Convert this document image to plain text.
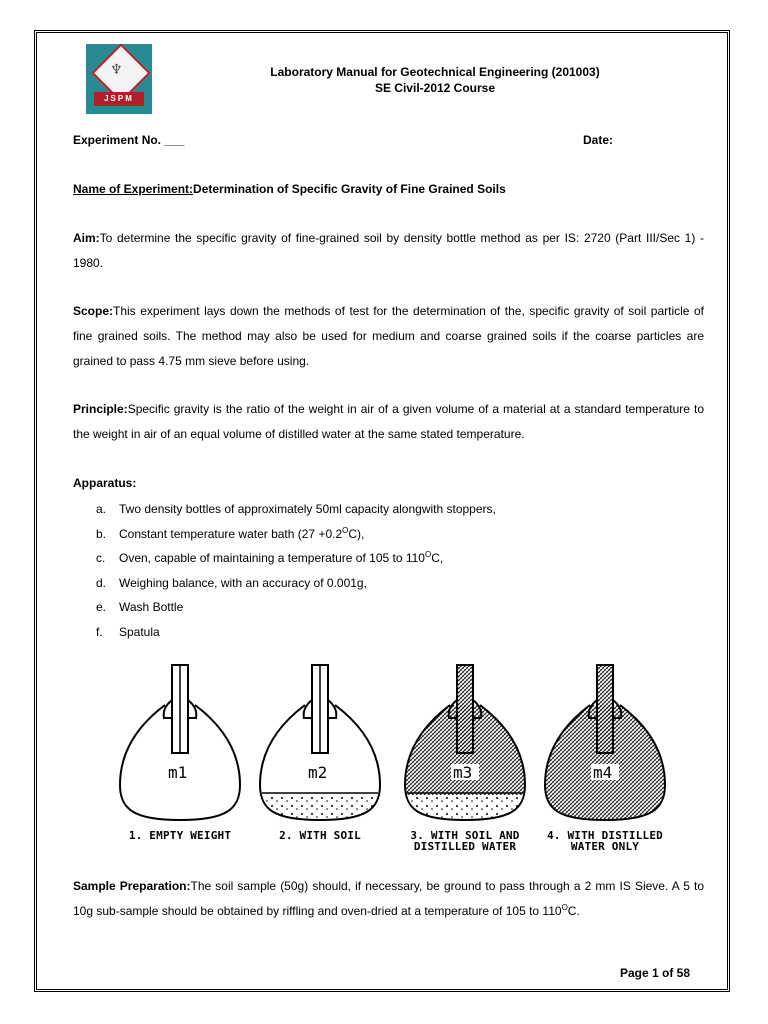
♆
JSPM
Laboratory Manual for Geotechnical Engineering (201003)
SE Civil-2012 Course
Experiment No. ___	Date:
Name of Experiment:Determination of Specific Gravity of Fine Grained Soils
Aim:To determine the specific gravity of fine-grained soil by density bottle method as per IS: 2720 (Part III/Sec 1) - 1980.
Scope:This experiment lays down the methods of test for the determination of the, specific gravity of soil particle of fine grained soils. The method may also be used for medium and coarse grained soils if the coarse particles are grained to pass 4.75 mm sieve before using.
Principle:Specific gravity is the ratio of the weight in air of a given volume of a material at a standard temperature to the weight in air of an equal volume of distilled water at the same stated temperature.
Apparatus:
a. Two density bottles of approximately 50ml capacity alongwith stoppers,
b. Constant temperature water bath $(27 +0.2^OC)$,
c. Oven, capable of maintaining a temperature of 105 to $110^OC$,
d. Weighing balance, with an accuracy of 0.001g,
e. Wash Bottle
f. Spatula
m1	m2	m3	m4
1. EMPTY WEIGHT	2. WITH SOIL	3. WITH SOIL AND
DISTILLED WATER
4. WITH DISTILLED
WATER ONLY
Sample Preparation:The soil sample (50g) should, if necessary, be ground to pass through a 2 mm IS Sieve. A 5 to 10g sub-sample should be obtained by riffling and oven-dried at a temperature of 105 to $110^OC$.
Page 1 of 58
